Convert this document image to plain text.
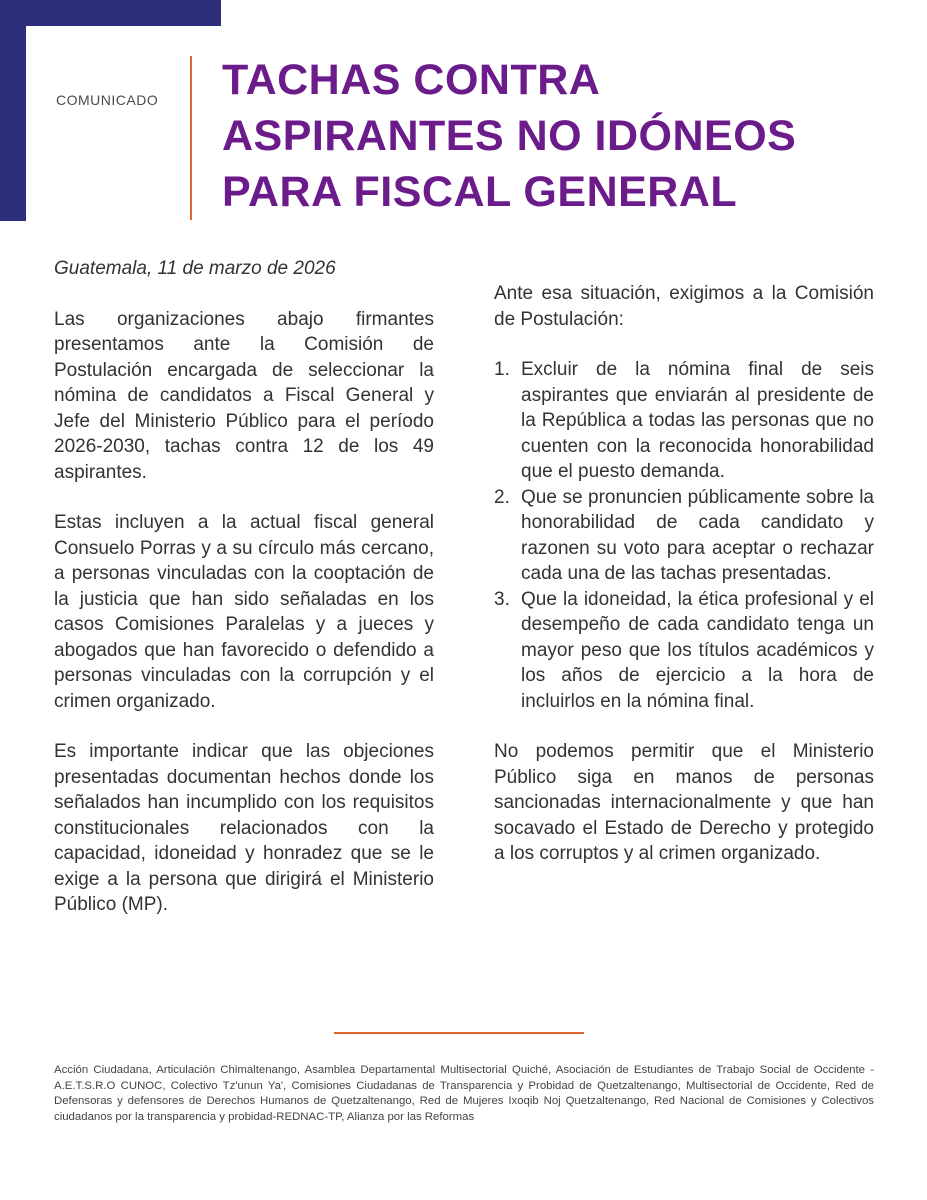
COMUNICADO TACHAS CONTRA
ASPIRANTES NO IDÓNEOS
PARA FISCAL GENERAL

Guatemala, 11 de marzo de 2026

Las organizaciones abajo firmantes presentamos ante la Comisión de Postulación encargada de seleccionar la nómina de candidatos a Fiscal General y Jefe del Ministerio Público para el período 2026-2030, tachas contra 12 de los 49 aspirantes.

Estas incluyen a la actual fiscal general Consuelo Porras y a su círculo más cercano, a personas vinculadas con la cooptación de la justicia que han sido señaladas en los casos Comisiones Paralelas y a jueces y abogados que han favorecido o defendido a personas vinculadas con la corrupción y el crimen organizado.

Es importante indicar que las objeciones presentadas documentan hechos donde los señalados han incumplido con los requisitos constitucionales relacionados con la capacidad, idoneidad y honradez que se le exige a la persona que dirigirá el Ministerio Público (MP).

Ante esa situación, exigimos a la Comisión de Postulación:

1. Excluir de la nómina final de seis aspirantes que enviarán al presidente de la República a todas las personas que no cuenten con la reconocida honorabilidad que el puesto demanda.
2. Que se pronuncien públicamente sobre la honorabilidad de cada candidato y razonen su voto para aceptar o rechazar cada una de las tachas presentadas.
3. Que la idoneidad, la ética profesional y el desempeño de cada candidato tenga un mayor peso que los títulos académicos y los años de ejercicio a la hora de incluirlos en la nómina final.

No podemos permitir que el Ministerio Público siga en manos de personas sancionadas internacionalmente y que han socavado el Estado de Derecho y protegido a los corruptos y al crimen organizado.

Acción Ciudadana, Articulación Chimaltenango, Asamblea Departamental Multisectorial Quiché, Asociación de Estudiantes de Trabajo Social de Occidente - A.E.T.S.R.O CUNOC, Colectivo Tz'unun Ya', Comisiones Ciudadanas de Transparencia y Probidad de Quetzaltenango, Multisectorial de Occidente, Red de Defensoras y defensores de Derechos Humanos de Quetzaltenango, Red de Mujeres Ixoqib Noj Quetzaltenango, Red Nacional de Comisiones y Colectivos ciudadanos por la transparencia y probidad-REDNAC-TP, Alianza por las Reformas
